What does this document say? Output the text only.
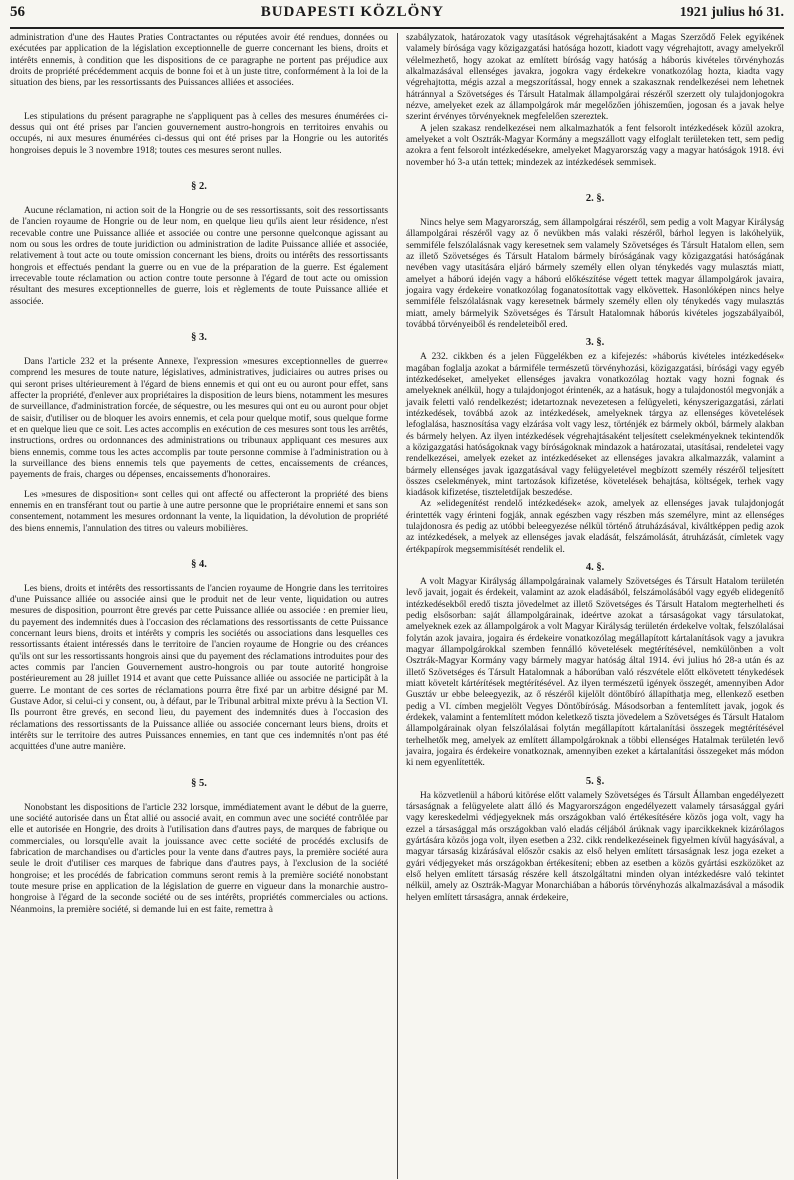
56	BUDAPESTI KÖZLÖNY	1921 julius hó 31.

administration d'une des Hautes Praties Contractantes ou réputées avoir été rendues, données ou exécutées par application de la législation exceptionnelle de guerre concernant les biens, droits et intérêts ennemis, à condition que les dispositions de ce paragraphe ne portent pas préjudice aux droits de propriété précédemment acquis de bonne foi et à un juste titre, conformément à la loi de la situation des biens, par les ressortissants des Puissances alliées et associées.

Les stipulations du présent paragraphe ne s'appliquent pas à celles des mesures énumérées ci-dessus qui ont été prises par l'ancien gouvernement austro-hongrois en territoires envahis ou occupés, ni aux mesures énumérées ci-dessus qui ont été prises par la Hongrie ou les autorités hongroises depuis le 3 novembre 1918; toutes ces mesures seront nulles.

§ 2.

Aucune réclamation, ni action soit de la Hongrie ou de ses ressortissants, soit des ressortissants de l'ancien royaume de Hongrie ou de leur nom, en quelque lieu qu'ils aient leur résidence, n'est recevable contre une Puissance alliée et associée ou contre une personne quelconque agissant au nom ou sous les ordres de toute juridiction ou administration de ladite Puissance alliée et associée, relativement à tout acte ou toute omission concernant les biens, droits ou intérêts des ressortissants hongrois et effectués pendant la guerre ou en vue de la préparation de la guerre. Est également irrecevable toute réclamation ou action contre toute personne à l'égard de tout acte ou omission résultant des mesures exceptionnelles de guerre, lois et règlements de toute Puissance alliée et associée.

§ 3.

Dans l'article 232 et la présente Annexe, l'expression »mesures exceptionnelles de guerre« comprend les mesures de toute nature, législatives, administratives, judiciaires ou autres prises ou qui seront prises ultérieurement à l'égard de biens ennemis et qui ont eu ou auront pour effet, sans affecter la propriété, d'enlever aux propriétaires la disposition de leurs biens, notamment les mesures de surveillance, d'administration forcée, de séquestre, ou les mesures qui ont eu ou auront pour objet de saisir, d'utiliser ou de bloquer les avoirs ennemis, et cela pour quelque motif, sous quelque forme et en quelque lieu que ce soit. Les actes accomplis en exécution de ces mesures sont tous les arrêtés, instructions, ordres ou ordonnances des administrations ou tribunaux appliquant ces mesures aux biens ennemis, comme tous les actes accomplis par toute personne commise à l'administration ou à la surveillance des biens ennemis tels que payements de cettes, encaissements de créances, payements de frais, charges ou dépenses, encaissements d'honoraires.

Les »mesures de disposition« sont celles qui ont affecté ou affecteront la propriété des biens ennemis en en transférant tout ou partie à une autre personne que le propriétaire ennemi et sans son consentement, notamment les mesures ordonnant la vente, la liquidation, la dévolution de propriété des biens ennemis, l'annulation des titres ou valeurs mobilières.

§ 4.

Les biens, droits et intérêts des ressortissants de l'ancien royaume de Hongrie dans les territoires d'une Puissance alliée ou associée ainsi que le produit net de leur vente, liquidation ou autres mesures de disposition, pourront être grevés par cette Puissance alliée ou associée : en premier lieu, du payement des indemnités dues à l'occasion des réclamations des ressortissants de cette Puissance concernant leurs biens, droits et intérêts y compris les sociétés ou associations dans lesquelles ces ressortissants étaient intéressés dans le territoire de l'ancien royaume de Hongrie ou des créances qu'ils ont sur les ressortissants hongrois ainsi que du payement des réclamations introduites pour des actes commis par l'ancien Gouvernement austro-hongrois ou par toute autorité hongroise postérieurement au 28 juillet 1914 et avant que cette Puissance alliée ou associée ne participât à la guerre. Le montant de ces sortes de réclamations pourra être fixé par un arbitre désigné par M. Gustave Ador, si celui-ci y consent, ou, à défaut, par le Tribunal arbitral mixte prévu à la Section VI. Ils pourront être grevés, en second lieu, du payement des indemnités dues à l'occasion des réclamations des ressortissants de la Puissance alliée ou associée concernant leurs biens, droits et intérêts sur le territoire des autres Puissances ennemies, en tant que ces indemnités n'ont pas été acquittées d'une autre manière.

§ 5.

Nonobstant les dispositions de l'article 232 lorsque, immédiatement avant le début de la guerre, une société autorisée dans un État allié ou associé avait, en commun avec une société contrôlée par elle et autorisée en Hongrie, des droits à l'utilisation dans d'autres pays, de marques de fabrique ou commerciales, ou lorsqu'elle avait la jouissance avec cette société de procédés exclusifs de fabrication de marchandises ou d'articles pour la vente dans d'autres pays, la première société aura seule le droit d'utiliser ces marques de fabrique dans d'autres pays, à l'exclusion de la société hongroise; et les procédés de fabrication communs seront remis à la première société nonobstant toute mesure prise en application de la législation de guerre en vigueur dans la monarchie austro-hongroise à l'égard de la seconde société ou de ses intérêts, propriétés commerciales ou actions. Néanmoins, la première société, si demande lui en est faite, remettra à

szabályzatok, határozatok vagy utasítások végrehajtásaként a Magas Szerződő Felek egyikének valamely bírósága vagy közigazgatási hatósága hozott, kiadott vagy végrehajtott, avagy amelyekről vélelmezhető, hogy azokat az említett bíróság vagy hatóság a háborús kivételes törvényhozás alkalmazásával ellenséges javakra, jogokra vagy érdekekre vonatkozólag hozta, kiadta vagy végrehajtotta, mégis azzal a megszorítással, hogy ennek a szakasznak rendelkezései nem lehetnek hátránnyal a Szövetséges és Társult Hatalmak állampolgárai részéről szerzett oly tulajdonjogokra nézve, amelyeket ezek az állampolgárok már megelőzően jóhiszeműen, jogosan és a javak helye szerint érvényes törvényeknek megfelelően szereztek.

A jelen szakasz rendelkezései nem alkalmazhatók a fent felsorolt intézkedések közül azokra, amelyeket a volt Osztrák-Magyar Kormány a megszállott vagy elfoglalt területeken tett, sem pedig azokra a fent felsorolt intézkedésekre, amelyeket Magyarország vagy a magyar hatóságok 1918. évi november hó 3-a után tettek; mindezek az intézkedések semmisek.

2. §.

Nincs helye sem Magyarország, sem állampolgárai részéről, sem pedig a volt Magyar Királyság állampolgárai részéről vagy az ő nevükben más valaki részéről, bárhol legyen is lakóhelyük, semmiféle felszólalásnak vagy keresetnek sem valamely Szövetséges és Társult Hatalom ellen, sem az illető Szövetséges és Társult Hatalom bármely bíróságának vagy közigazgatási hatóságának nevében vagy utasítására eljáró bármely személy ellen olyan ténykedés vagy mulasztás miatt, amelyet a háború idején vagy a háború előkészítése végett tettek magyar állampolgárok javaira, jogaira vagy érdekeire vonatkozólag foganatosítottak vagy elkövettek. Hasonlóképen nincs helye semmiféle felszólalásnak vagy keresetnek bármely személy ellen oly ténykedés vagy mulasztás miatt, amely bármelyik Szövetséges és Társult Hatalomnak háborús kivételes jogszabályaiból, továbbá törvényeiből és rendeleteiből ered.

3. §.

A 232. cikkben és a jelen Függelékben ez a kifejezés: »háborús kivételes intézkedések« magában foglalja azokat a bármiféle természetű törvényhozási, közigazgatási, bírósági vagy egyéb intézkedéseket, amelyeket ellenséges javakra vonatkozólag hoztak vagy hozni fognak és amelyeknek anélkül, hogy a tulajdonjogot érintenék, az a hatásuk, hogy a tulajdonostól megvonják a javaik feletti való rendelkezést; idetartoznak nevezetesen a felügyeleti, kényszerigazgatási, zárlati intézkedések, továbbá azok az intézkedések, amelyeknek tárgya az ellenséges követelések lefoglalása, hasznosítása vagy elzárása volt vagy lesz, történjék ez bármely okból, bármely alakban és bármely helyen. Az ilyen intézkedések végrehajtásaként teljesített cselekményeknek tekintendők a közigazgatási hatóságoknak vagy bíróságoknak mindazok a határozatai, utasításai, rendeletei vagy rendelkezései, amelyek ezeket az intézkedéseket az ellenséges javakra alkalmazzák, valamint a bármely ellenséges javak igazgatásával vagy felügyeletével megbízott személy részéről teljesített összes cselekmények, mint tartozások kifizetése, követelések behajtása, költségek, terhek vagy kiadások kifizetése, tiszteletdíjak beszedése.

Az »elidegenítést rendelő intézkedések« azok, amelyek az ellenséges javak tulajdonjogát érintették vagy érinteni fogják, annak egészben vagy részben más személyre, mint az ellenséges tulajdonosra és pedig az utóbbi beleegyezése nélkül történő átruházásával, kiváltképpen pedig azok az intézkedések, a melyek az ellenséges javak eladását, felszámolását, átruházását, címletek vagy értékpapírok megsemmisítését rendelik el.

4. §.

A volt Magyar Királyság állampolgárainak valamely Szövetséges és Társult Hatalom területén levő javait, jogait és érdekeit, valamint az azok eladásából, felszámolásából vagy egyéb elidegenítő intézkedésekből eredő tiszta jövedelmet az illető Szövetséges és Társult Hatalom megterhelheti és pedig elsősorban: saját állampolgárainak, ideértve azokat a társaságokat vagy társulatokat, amelyeknek ezek az állampolgárok a volt Magyar Királyság területén érdekelve voltak, felszólalásai folytán azok javaira, jogaira és érdekeire vonatkozólag megállapított kártalanítások vagy a javukra magyar állampolgárokkal szemben fennálló követelések megtérítésével, nemkülönben a volt Osztrák-Magyar Kormány vagy bármely magyar hatóság által 1914. évi julius hó 28-a után és az illető Szövetséges és Társult Hatalomnak a háborúban való részvétele előtt elkövetett ténykedések miatt követelt kártérítések megtérítésével. Az ilyen természetű igények összegét, amennyiben Ador Gusztáv ur ebbe beleegyezik, az ő részéről kijelölt döntőbíró állapíthatja meg, ellenkező esetben pedig a VI. címben megjelölt Vegyes Döntőbíróság. Másodsorban a fentemlített javak, jogok és érdekek, valamint a fentemlített módon keletkező tiszta jövedelem a Szövetséges és Társult Hatalom állampolgárainak olyan felszólalásai folytán megállapított kártalanítási összegek megtérítésével terhelhetők meg, amelyek az említett állampolgároknak a többi ellenséges Hatalmak területén levő javaira, jogaira és érdekeire vonatkoznak, amennyiben ezeket a kártalanítási összegeket más módon ki nem egyenlítették.

5. §.

Ha közvetlenül a háború kitörése előtt valamely Szövetséges és Társult Államban engedélyezett társaságnak a felügyelete alatt álló és Magyarországon engedélyezett valamely társasággal gyári vagy kereskedelmi védjegyeknek más országokban való értékesítésére közös joga volt, vagy ha ezzel a társasággal más országokban való eladás céljából árúknak vagy iparcikkeknek kizárólagos gyártására közös joga volt, ilyen esetben a 232. cikk rendelkezéseinek figyelmen kívül hagyásával, a magyar társaság kizárásával először csakis az első helyen említett társaságnak lesz joga ezeket a gyári védjegyeket más országokban értékesíteni; ebben az esetben a közös gyártási eszközöket az első helyen említett társaság részére kell átszolgáltatni minden olyan intézkedésre való tekintet nélkül, amely az Osztrák-Magyar Monarchiában a háborús törvényhozás alkalmazásával a második helyen említett társaságra, annak érdekeire,
